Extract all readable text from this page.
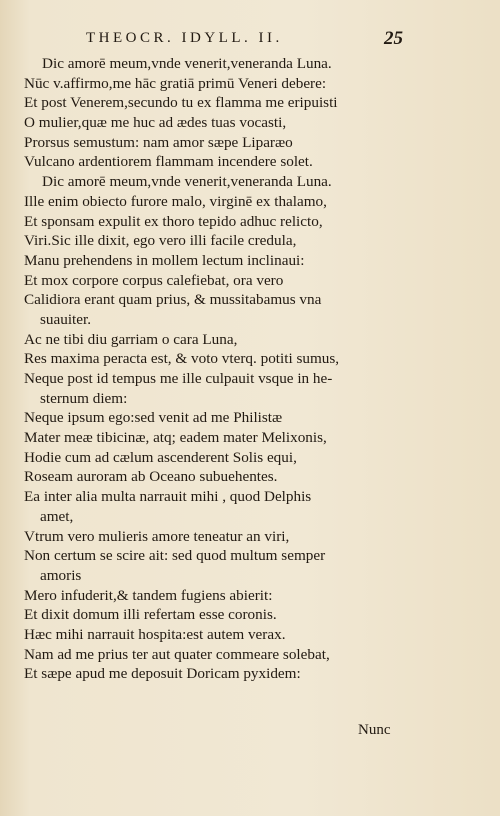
THEOCR. IDYLL. II.	25
Dic amorē meum,vnde venerit,veneranda Luna.
Nūc v.affirmo,me hāc gratiā primū Veneri debere:
Et post Venerem,secundo tu ex flamma me eripuisti
O mulier,quæ me huc ad ædes tuas vocasti,
Prorsus semustum: nam amor sæpe Liparæo
Vulcano ardentiorem flammam incendere solet.
Dic amorē meum,vnde venerit,veneranda Luna.
Ille enim obiecto furore malo, virginē ex thalamo,
Et sponsam expulit ex thoro tepido adhuc relicto,
Viri.Sic ille dixit, ego vero illi facile credula,
Manu prehendens in mollem lectum inclinaui:
Et mox corpore corpus calefiebat, ora vero
Calidiora erant quam prius, & mussitabamus vna
suauiter.
Ac ne tibi diu garriam o cara Luna,
Res maxima peracta est, & voto vterq. potiti sumus,
Neque post id tempus me ille culpauit vsque in he-
sternum diem:
Neque ipsum ego:sed venit ad me Philistæ
Mater meæ tibicinæ, atq; eadem mater Melixonis,
Hodie cum ad cælum ascenderent Solis equi,
Roseam auroram ab Oceano subuehentes.
Ea inter alia multa narrauit mihi , quod Delphis
amet,
Vtrum vero mulieris amore teneatur an viri,
Non certum se scire ait: sed quod multum semper
amoris
Mero infuderit,& tandem fugiens abierit:
Et dixit domum illi refertam esse coronis.
Hæc mihi narrauit hospita:est autem verax.
Nam ad me prius ter aut quater commeare solebat,
Et sæpe apud me deposuit Doricam pyxidem:
Nunc
